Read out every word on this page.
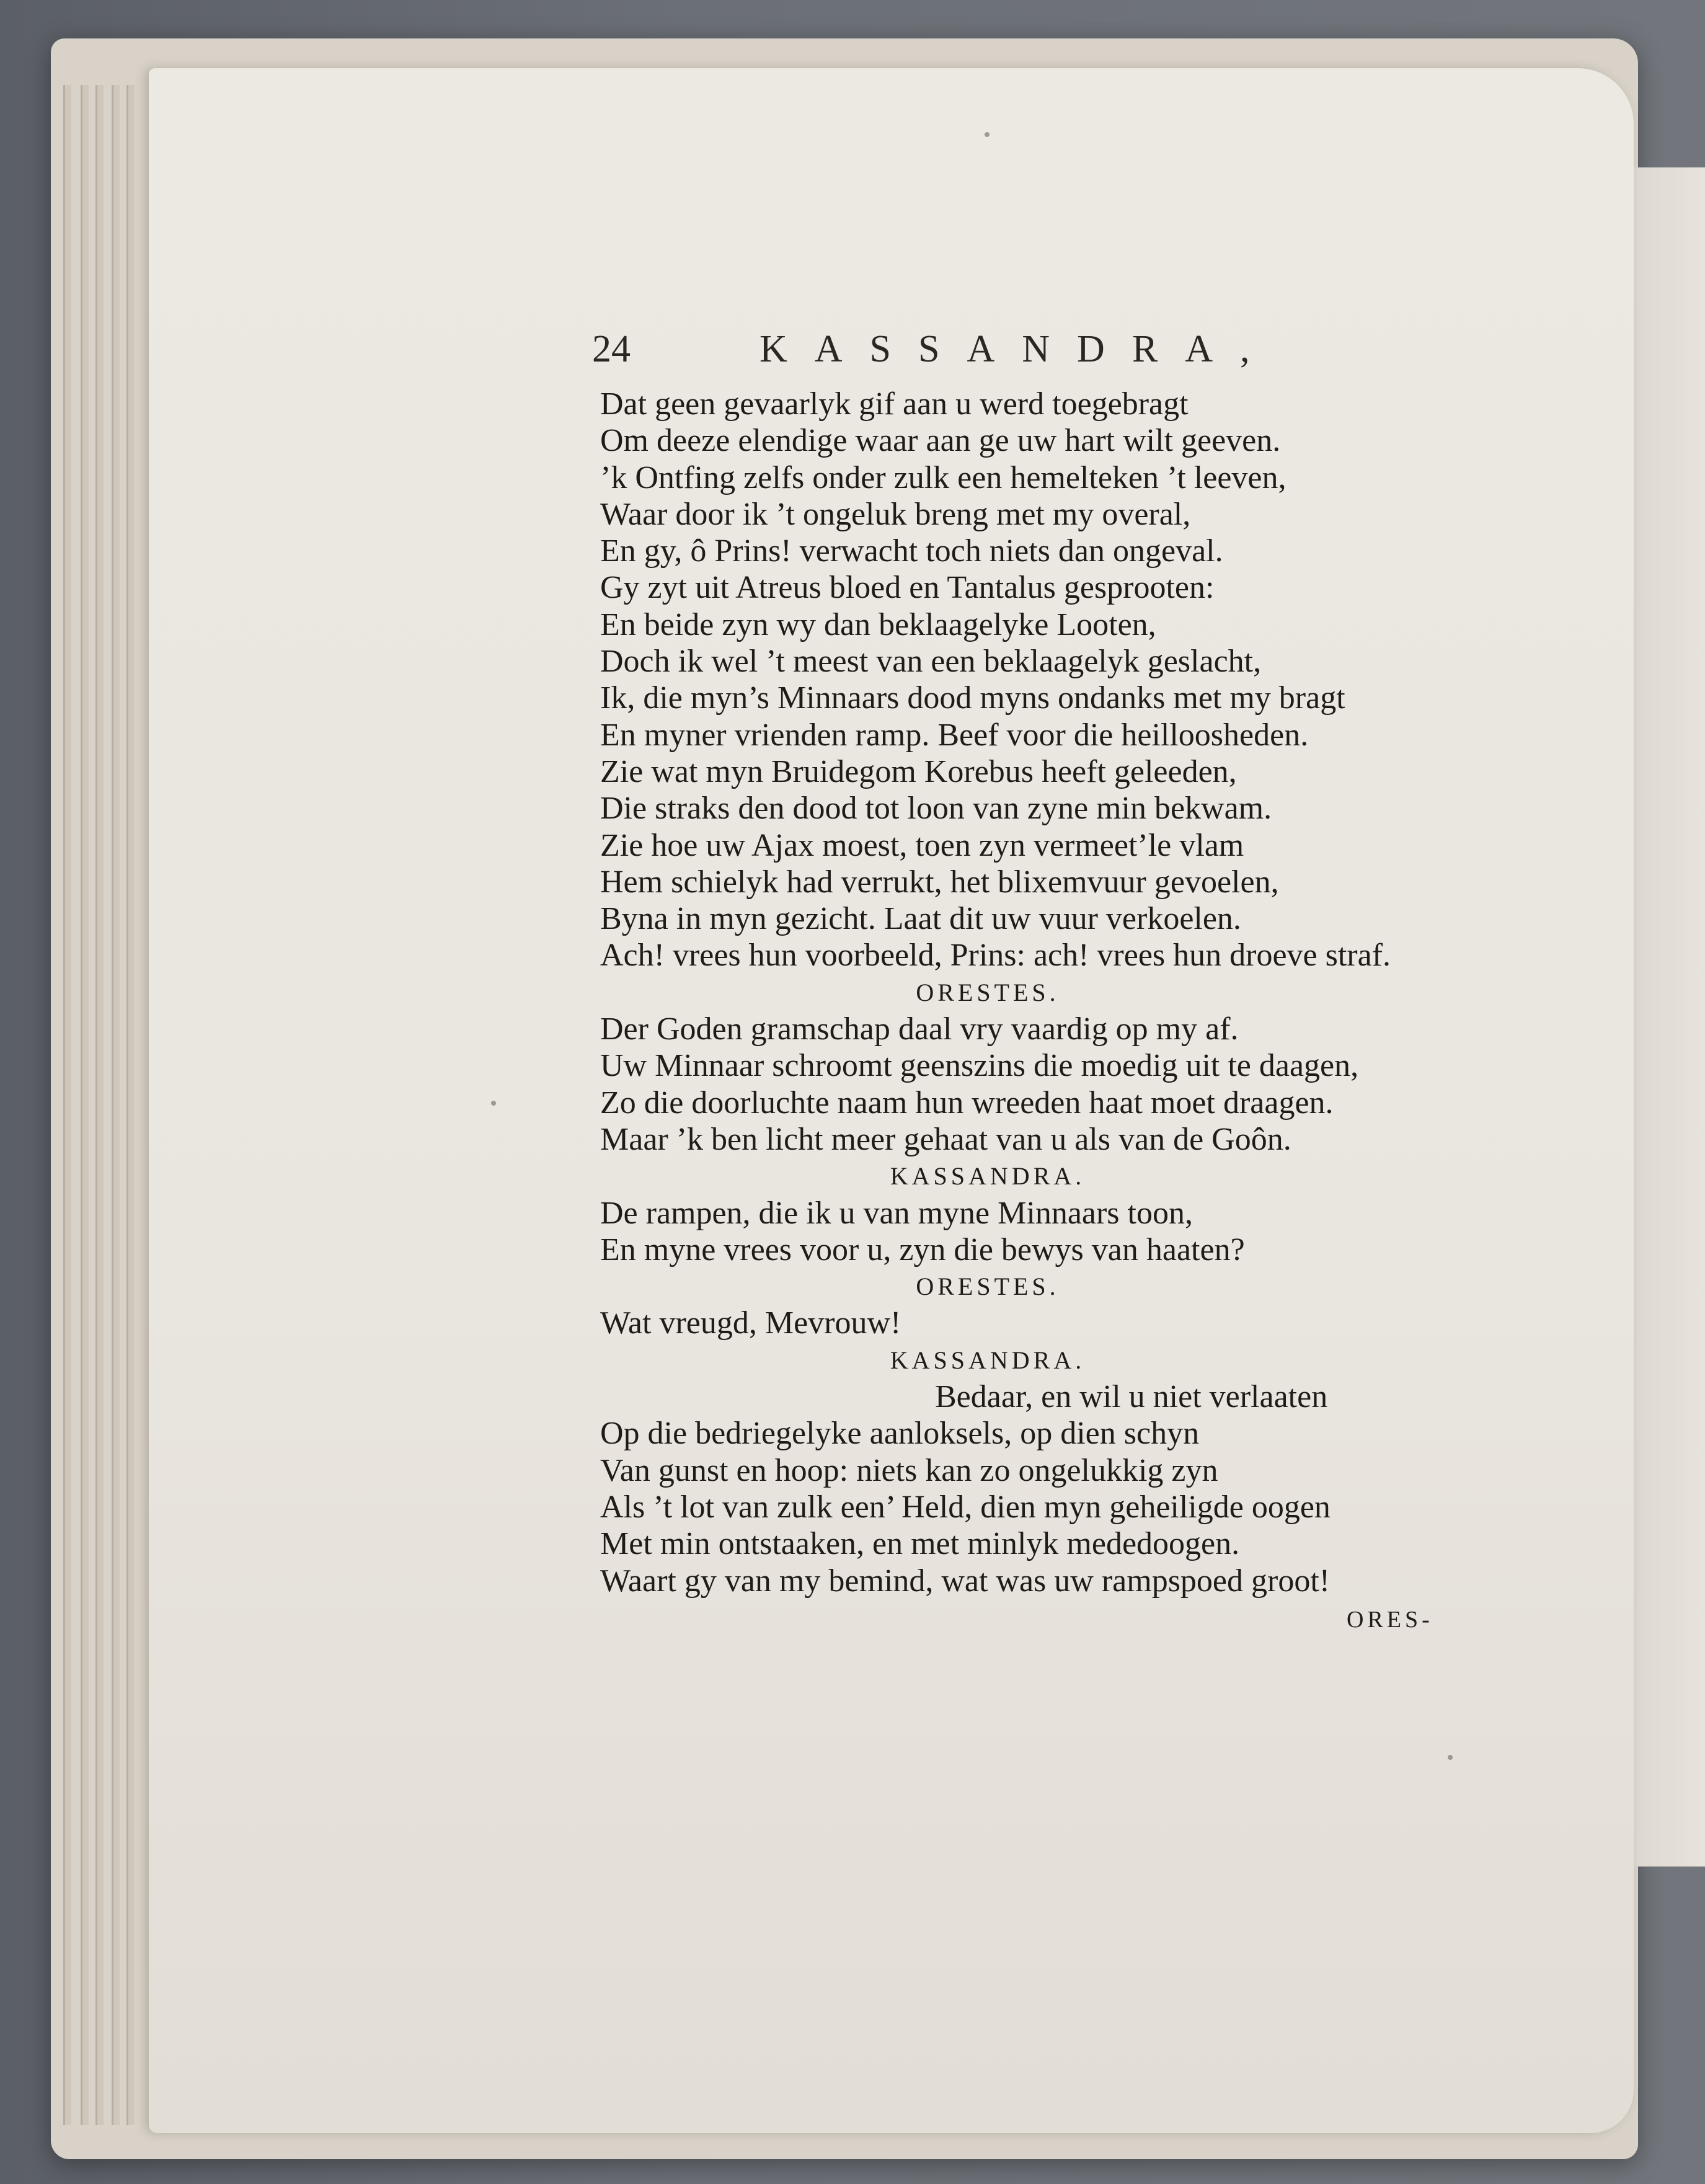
24	KASSANDRA,
Dat geen gevaarlyk gif aan u werd toegebragt
Om deeze elendige waar aan ge uw hart wilt geeven.
’k Ontfing zelfs onder zulk een hemelteken ’t leeven,
Waar door ik ’t ongeluk breng met my overal,
En gy, ô Prins! verwacht toch niets dan ongeval.
Gy zyt uit Atreus bloed en Tantalus gesprooten:
En beide zyn wy dan beklaagelyke Looten,
Doch ik wel ’t meest van een beklaagelyk geslacht,
Ik, die myn’s Minnaars dood myns ondanks met my bragt
En myner vrienden ramp. Beef voor die heilloosheden.
Zie wat myn Bruidegom Korebus heeft geleeden,
Die straks den dood tot loon van zyne min bekwam.
Zie hoe uw Ajax moest, toen zyn vermeet’le vlam
Hem schielyk had verrukt, het blixemvuur gevoelen,
Byna in myn gezicht. Laat dit uw vuur verkoelen.
Ach! vrees hun voorbeeld, Prins: ach! vrees hun droeve straf.
ORESTES.
Der Goden gramschap daal vry vaardig op my af.
Uw Minnaar schroomt geenszins die moedig uit te daagen,
Zo die doorluchte naam hun wreeden haat moet draagen.
Maar ’k ben licht meer gehaat van u als van de Goôn.
KASSANDRA.
De rampen, die ik u van myne Minnaars toon,
En myne vrees voor u, zyn die bewys van haaten?
ORESTES.
Wat vreugd, Mevrouw!
KASSANDRA.
Bedaar, en wil u niet verlaaten
Op die bedriegelyke aanloksels, op dien schyn
Van gunst en hoop: niets kan zo ongelukkig zyn
Als ’t lot van zulk een’ Held, dien myn geheiligde oogen
Met min ontstaaken, en met minlyk mededoogen.
Waart gy van my bemind, wat was uw rampspoed groot!
ORES-
